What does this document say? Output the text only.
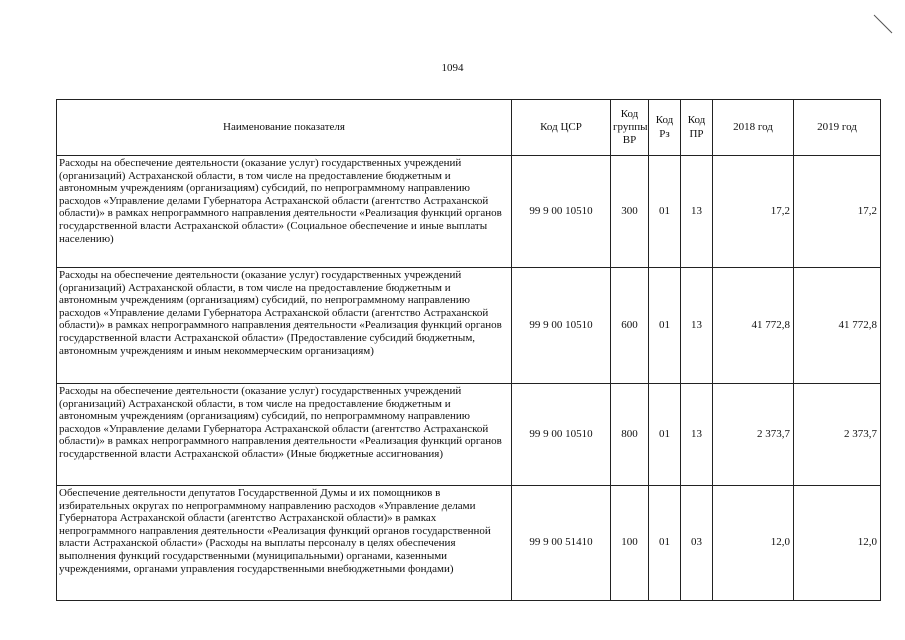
1094
Наименование показателя	Код ЦСР	Код группы ВР	Код Рз	Код ПР	2018 год	2019 год
Расходы на обеспечение деятельности (оказание услуг) государственных учреждений (организаций) Астраханской области, в том числе на предоставление бюджетным и автономным учреждениям (организациям) субсидий, по непрограммному направлению расходов «Управление делами Губернатора Астраханской области (агентство Астраханской области)» в рамках непрограммного направления деятельности «Реализация функций органов государственной власти Астраханской области» (Социальное обеспечение и иные выплаты населению)	99 9 00 10510	300	01	13	17,2	17,2
Расходы на обеспечение деятельности (оказание услуг) государственных учреждений (организаций) Астраханской области, в том числе на предоставление бюджетным и автономным учреждениям (организациям) субсидий, по непрограммному направлению расходов «Управление делами Губернатора Астраханской области (агентство Астраханской области)» в рамках непрограммного направления деятельности «Реализация функций органов государственной власти Астраханской области» (Предоставление субсидий бюджетным, автономным учреждениям и иным некоммерческим организациям)	99 9 00 10510	600	01	13	41 772,8	41 772,8
Расходы на обеспечение деятельности (оказание услуг) государственных учреждений (организаций) Астраханской области, в том числе на предоставление бюджетным и автономным учреждениям (организациям) субсидий, по непрограммному направлению расходов «Управление делами Губернатора Астраханской области (агентство Астраханской области)» в рамках непрограммного направления деятельности «Реализация функций органов государственной власти Астраханской области» (Иные бюджетные ассигнования)	99 9 00 10510	800	01	13	2 373,7	2 373,7
Обеспечение деятельности депутатов Государственной Думы и их помощников в избирательных округах по непрограммному направлению расходов «Управление делами Губернатора Астраханской области (агентство Астраханской области)» в рамках непрограммного направления деятельности «Реализация функций органов государственной власти Астраханской области» (Расходы на выплаты персоналу в целях обеспечения выполнения функций государственными (муниципальными) органами, казенными учреждениями, органами управления государственными внебюджетными фондами)	99 9 00 51410	100	01	03	12,0	12,0
